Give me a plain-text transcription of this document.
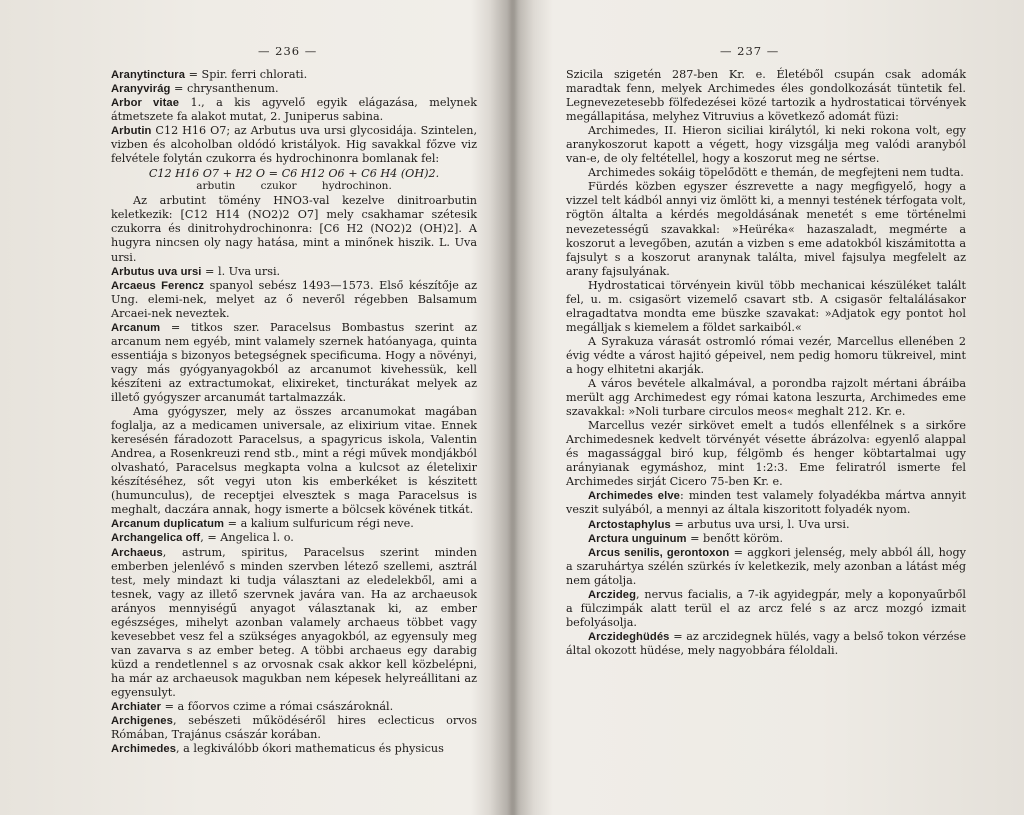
— 236 —

Aranytinctura = Spir. ferri chlorati.

Aranyvirág = chrysanthenum.

Arbor vitae 1., a kis agyvelő egyik elágazása, melynek átmetszete fa alakot mutat, 2. Juniperus sabina.

Arbutin C12 H16 O7; az Arbutus uva ursi glycosidája. Szintelen, vizben és alcoholban oldódó kristályok. Hig savakkal főzve viz felvétele folytán czukorra és hydrochinonra bomlanak fel:

C12 H16 O7 + H2 O = C6 H12 O6 + C6 H4 (OH)2.
arbutin czukor hydrochinon.

Az arbutint tömény HNO3-val kezelve dinitroarbutin keletkezik: [C12 H14 (NO2)2 O7] mely csakhamar szétesik czukorra és dinitrohydrochinonra: [C6 H2 (NO2)2 (OH)2]. A hugyra nincsen oly nagy hatása, mint a minőnek hiszik. L. Uva ursi.

Arbutus uva ursi = l. Uva ursi.

Arcaeus Ferencz spanyol sebész 1493—1573. Első készítője az Ung. elemi-nek, melyet az ő neveről régebben Balsamum Arcaei-nek neveztek.

Arcanum = titkos szer. Paracelsus Bombastus szerint az arcanum nem egyéb, mint valamely szernek hatóanyaga, quinta essentiája s bizonyos betegségnek specificuma. Hogy a növényi, vagy más gyógyanyagokból az arcanumot kivehessük, kell készíteni az extractumokat, elixireket, tincturákat melyek az illető gyógyszer arcanumát tartalmazzák.

Ama gyógyszer, mely az összes arcanumokat magában foglalja, az a medicamen universale, az elixirium vitae. Ennek keresésén fáradozott Paracelsus, a spagyricus iskola, Valentin Andrea, a Rosenkreuzi rend stb., mint a régi művek mondjákból olvasható, Paracelsus megkapta volna a kulcsot az életelixir készítéséhez, sőt vegyi uton kis emberkéket is készitett (humunculus), de receptjei elvesztek s maga Paracelsus is meghalt, daczára annak, hogy ismerte a bölcsek kövének titkát.

Arcanum duplicatum = a kalium sulfuricum régi neve.

Archangelica off, = Angelica l. o.

Archaeus, astrum, spiritus, Paracelsus szerint minden emberben jelenlévő s minden szervben létező szellemi, asztrál test, mely mindazt ki tudja választani az eledelekből, ami a tesnek, vagy az illető szervnek javára van. Ha az archaeusok arányos mennyiségű anyagot választanak ki, az ember egészséges, mihelyt azonban valamely archaeus többet vagy kevesebbet vesz fel a szükséges anyagokból, az egyensuly meg van zavarva s az ember beteg. A többi archaeus egy darabig küzd a rendetlennel s az orvosnak csak akkor kell közbelépni, ha már az archaeusok magukban nem képesek helyreállitani az egyensulyt.

Archiater = a főorvos czime a római császároknál.

Archigenes, sebészeti működéséről hires eclecticus orvos Rómában, Trajánus császár korában.

Archimedes, a legkiválóbb ókori mathematicus és physicus

— 237 —

Szicila szigetén 287-ben Kr. e. Életéből csupán csak adomák maradtak fenn, melyek Archimedes éles gondolkozását tüntetik fel. Legnevezetesebb fölfedezései közé tartozik a hydrostaticai törvények megállapitása, melyhez Vitruvius a következő adomát füzi:

Archimedes, II. Hieron siciliai királytól, ki neki rokona volt, egy aranykoszorut kapott a végett, hogy vizsgálja meg valódi aranyból van-e, de oly feltétellel, hogy a koszorut meg ne sértse.

Archimedes sokáig töpelődött e themán, de megfejteni nem tudta.

Fürdés közben egyszer észrevette a nagy megfigyelő, hogy a vizzel telt kádból annyi viz ömlött ki, a mennyi testének térfogata volt, rögtön általta a kérdés megoldásának menetét s eme történelmi nevezetességű szavakkal: »Heüréka« hazaszaladt, megmérte a koszorut a levegőben, azután a vizben s eme adatokból kiszámitotta a fajsulyt s a koszorut aranynak találta, mivel fajsulya megfelelt az arany fajsulyának.

Hydrostaticai törvényein kivül több mechanicai készüléket talált fel, u. m. csigasört vizemelő csavart stb. A csigasör feltalálásakor elragadtatva mondta eme büszke szavakat: »Adjatok egy pontot hol megálljak s kiemelem a földet sarkaiból.«

A Syrakuza várasát ostromló római vezér, Marcellus ellenében 2 évig védte a várost hajitó gépeivel, nem pedig homoru tükreivel, mint a hogy elhitetni akarják.

A város bevétele alkalmával, a porondba rajzolt mértani ábráiba merült agg Archimedest egy római katona leszurta, Archimedes eme szavakkal: »Noli turbare circulos meos« meghalt 212. Kr. e.

Marcellus vezér sirkövet emelt a tudós ellenfélnek s a sirkőre Archimedesnek kedvelt törvényét vésette ábrázolva: egyenlő alappal és magassággal biró kup, félgömb és henger köbtartalmai ugy arányianak egymáshoz, mint 1:2:3. Eme feliratról ismerte fel Archimedes sirját Cicero 75-ben Kr. e.

Archimedes elve: minden test valamely folyadékba mártva annyit veszit sulyából, a mennyi az általa kiszoritott folyadék nyom.

Arctostaphylus = arbutus uva ursi, l. Uva ursi.

Arctura unguinum = benőtt köröm.

Arcus senilis, gerontoxon = aggkori jelenség, mely abból áll, hogy a szaruhártya szélén szürkés ív keletkezik, mely azonban a látást még nem gátolja.

Arczideg, nervus facialis, a 7-ik agyidegpár, mely a koponyaűrből a fülczimpák alatt terül el az arcz felé s az arcz mozgó izmait befolyásolja.

Arczideghüdés = az arczidegnek hülés, vagy a belső tokon vérzése által okozott hüdése, mely nagyobbára féloldali.
